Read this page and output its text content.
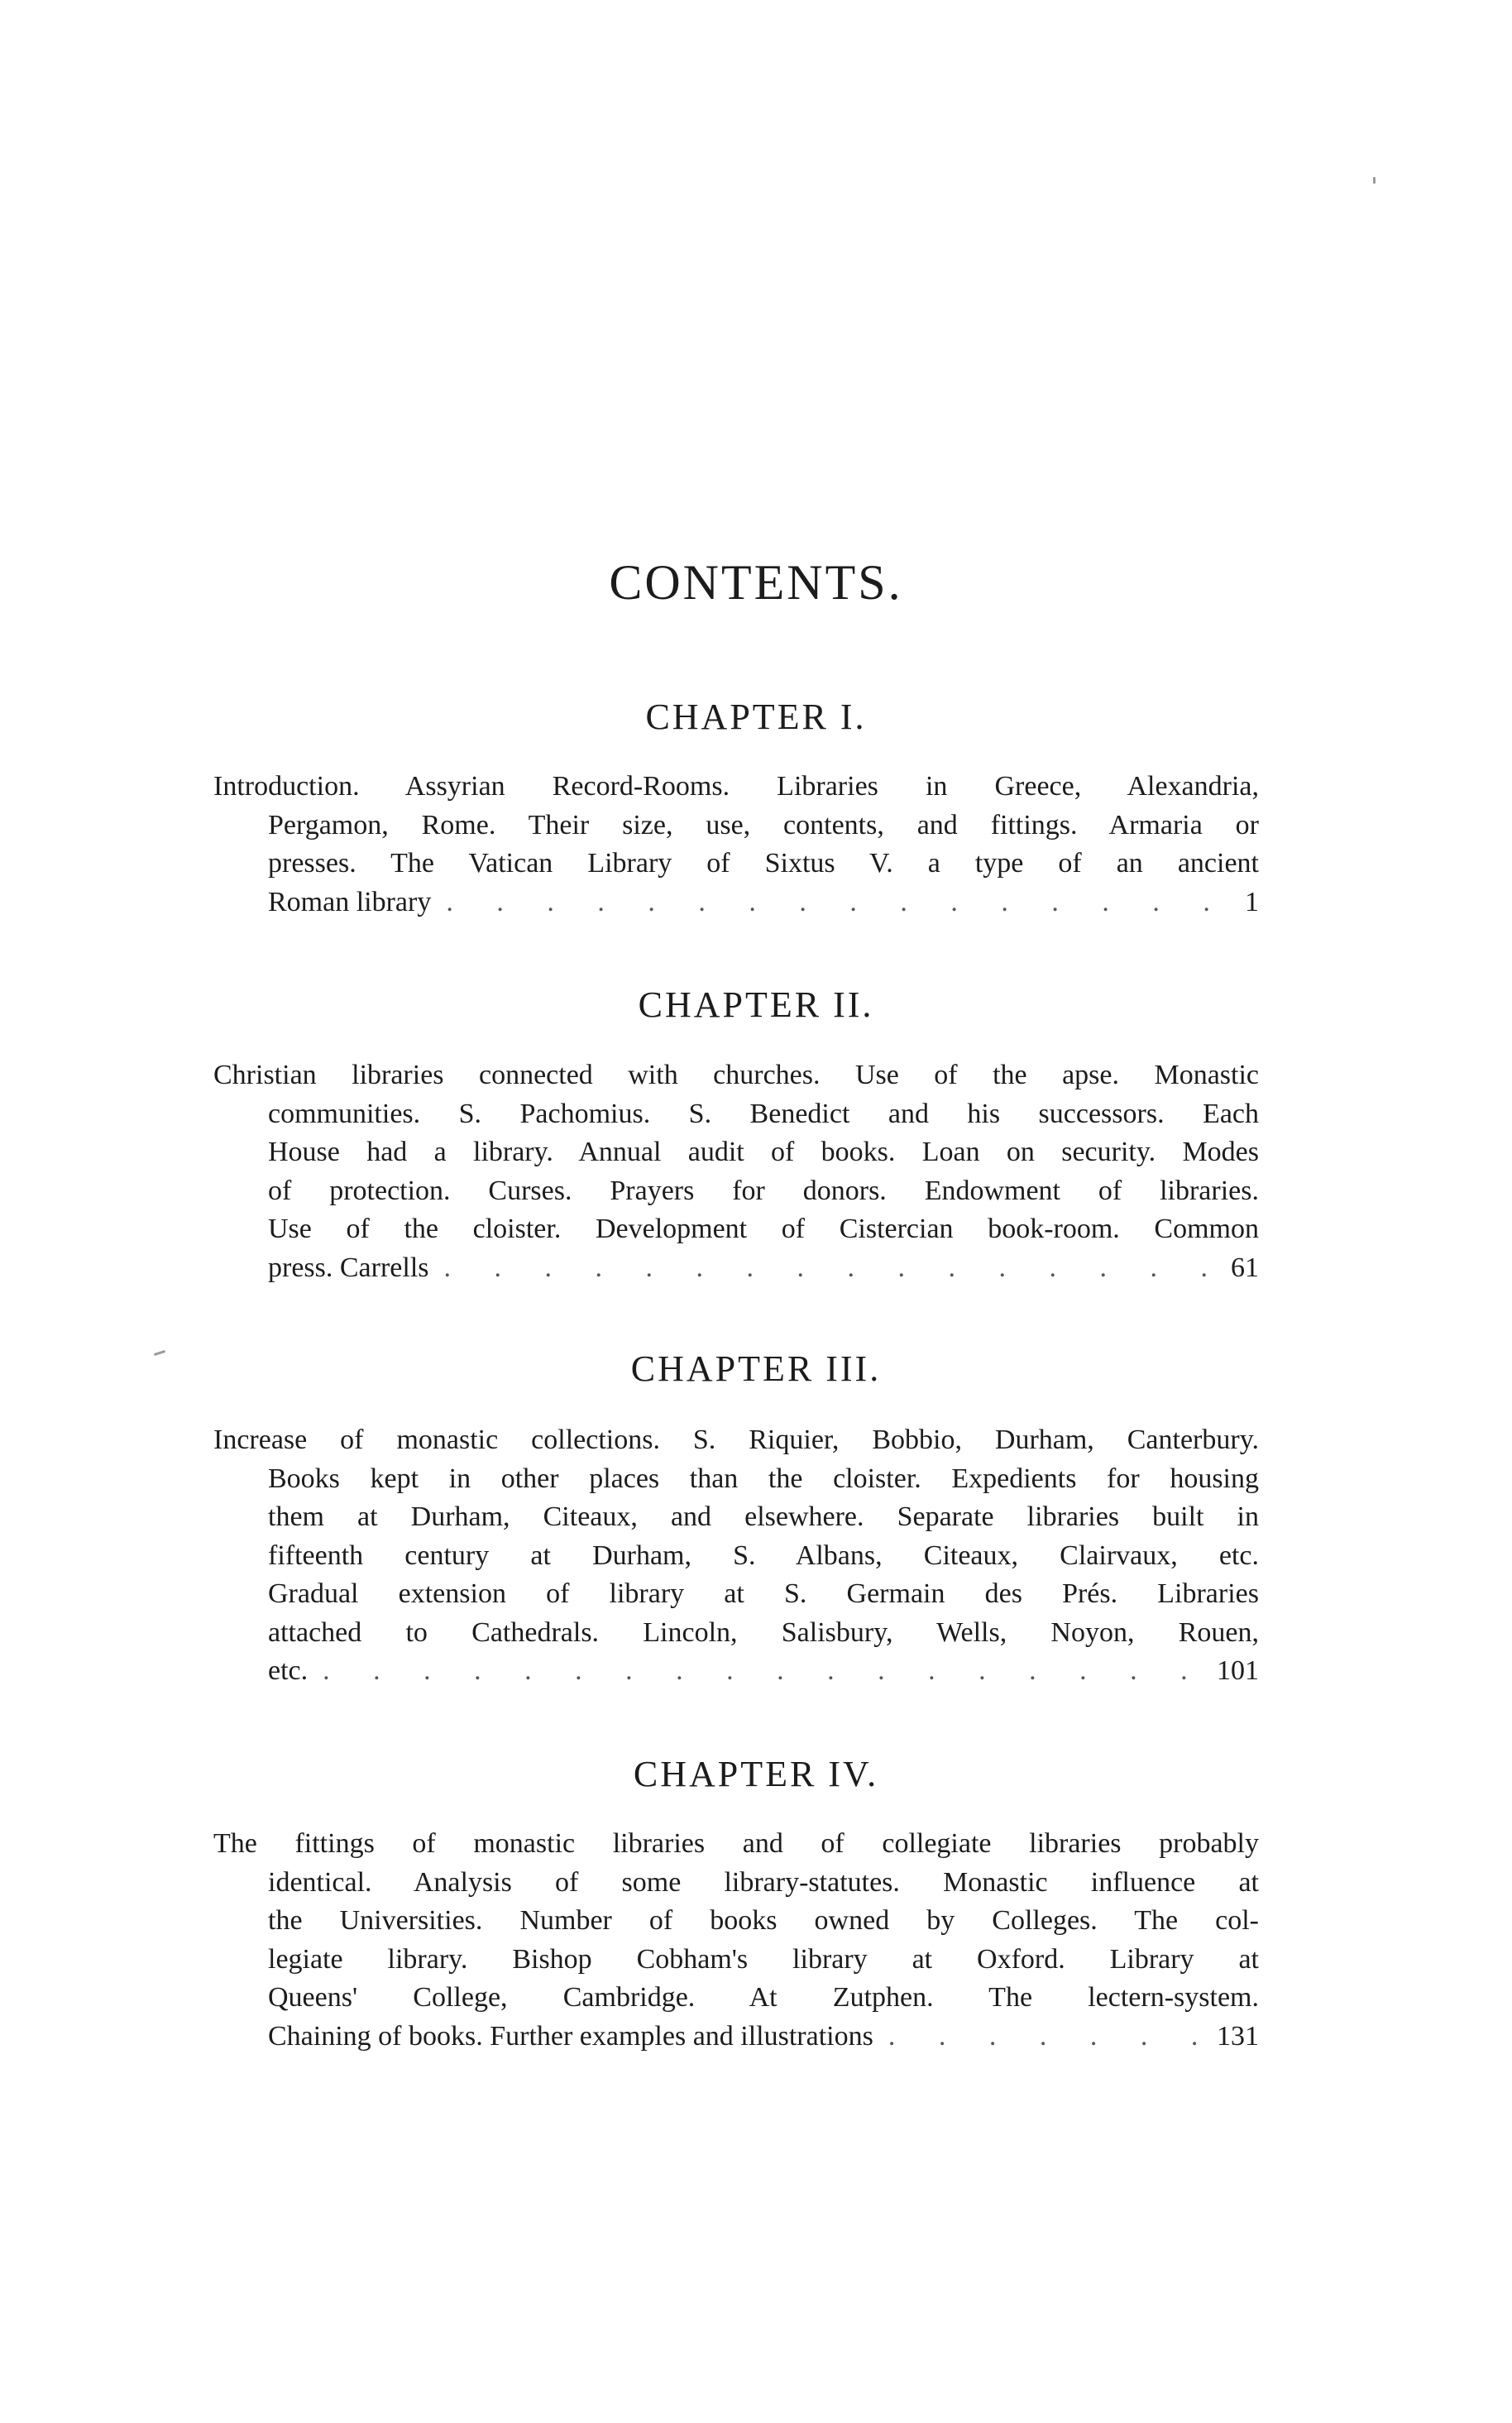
CONTENTS.
CHAPTER I.
Introduction. Assyrian Record-Rooms. Libraries in Greece, Alexandria,
Pergamon, Rome. Their size, use, contents, and fittings. Armaria or
presses. The Vatican Library of Sixtus V. a type of an ancient
Roman library . . .	1
CHAPTER II.
Christian libraries connected with churches. Use of the apse. Monastic
communities. S. Pachomius. S. Benedict and his successors. Each
House had a library. Annual audit of books. Loan on security. Modes
of protection. Curses. Prayers for donors. Endowment of libraries.
Use of the cloister. Development of Cistercian book-room. Common
press. Carrells . . .	61
CHAPTER III.
Increase of monastic collections. S. Riquier, Bobbio, Durham, Canterbury.
Books kept in other places than the cloister. Expedients for housing
them at Durham, Citeaux, and elsewhere. Separate libraries built in
fifteenth century at Durham, S. Albans, Citeaux, Clairvaux, etc.
Gradual extension of library at S. Germain des Prés. Libraries
attached to Cathedrals. Lincoln, Salisbury, Wells, Noyon, Rouen,
etc. . . .	101
CHAPTER IV.
The fittings of monastic libraries and of collegiate libraries probably
identical. Analysis of some library-statutes. Monastic influence at
the Universities. Number of books owned by Colleges. The col-
legiate library. Bishop Cobham's library at Oxford. Library at
Queens' College, Cambridge. At Zutphen. The lectern-system.
Chaining of books. Further examples and illustrations . . .	131
